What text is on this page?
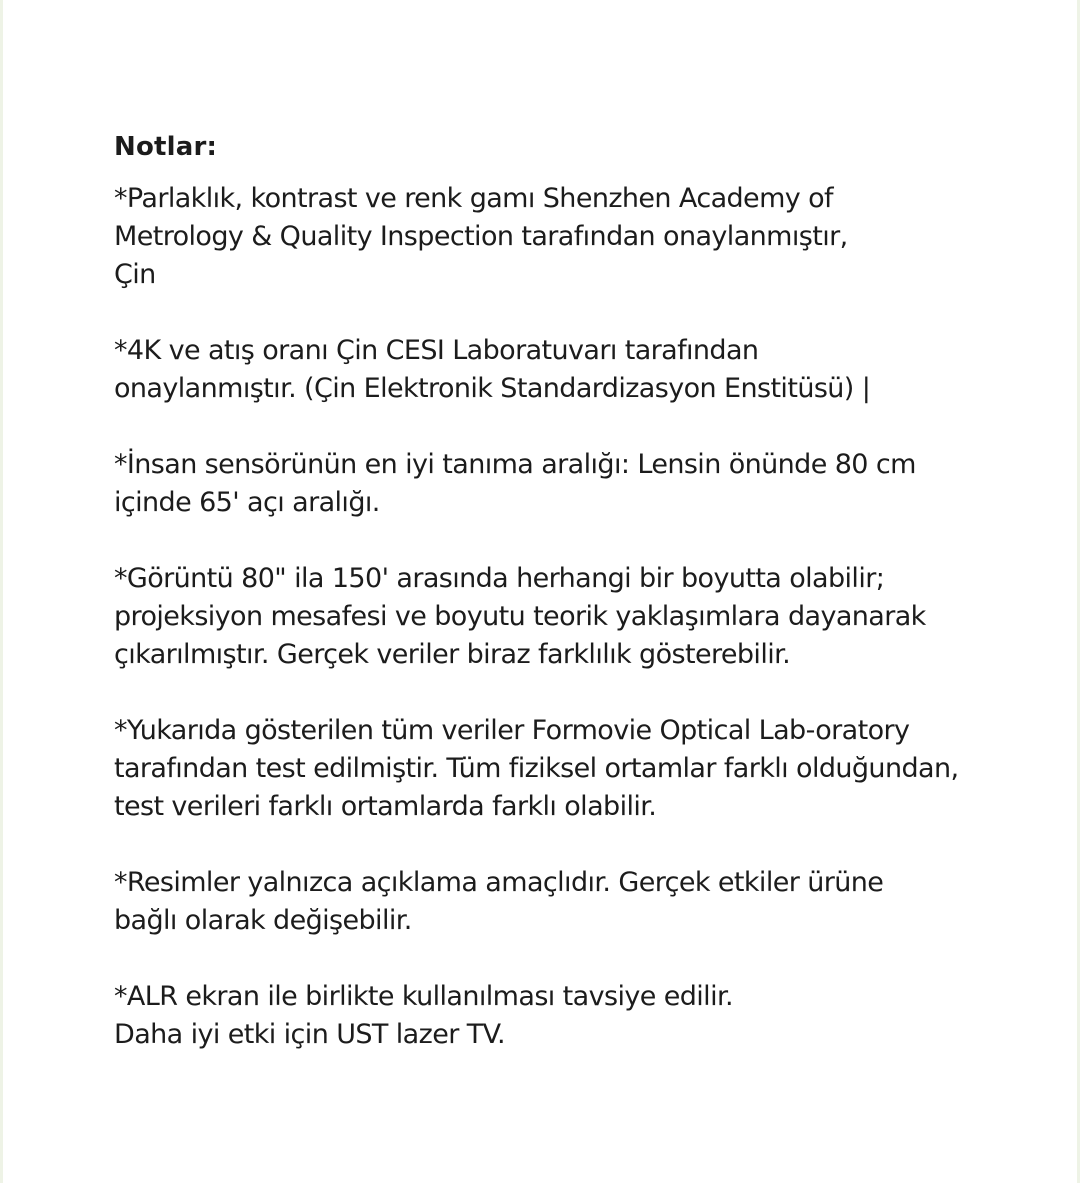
Notlar:

*Parlaklık, kontrast ve renk gamı Shenzhen Academy of
Metrology & Quality Inspection tarafından onaylanmıştır,
Çin

*4K ve atış oranı Çin CESI Laboratuvarı tarafından
onaylanmıştır. (Çin Elektronik Standardizasyon Enstitüsü) |

*İnsan sensörünün en iyi tanıma aralığı: Lensin önünde 80 cm
içinde 65' açı aralığı.

*Görüntü 80" ila 150' arasında herhangi bir boyutta olabilir;
projeksiyon mesafesi ve boyutu teorik yaklaşımlara dayanarak
çıkarılmıştır. Gerçek veriler biraz farklılık gösterebilir.

*Yukarıda gösterilen tüm veriler Formovie Optical Lab-oratory
tarafından test edilmiştir. Tüm fiziksel ortamlar farklı olduğundan,
test verileri farklı ortamlarda farklı olabilir.

*Resimler yalnızca açıklama amaçlıdır. Gerçek etkiler ürüne
bağlı olarak değişebilir.

*ALR ekran ile birlikte kullanılması tavsiye edilir.
Daha iyi etki için UST lazer TV.
